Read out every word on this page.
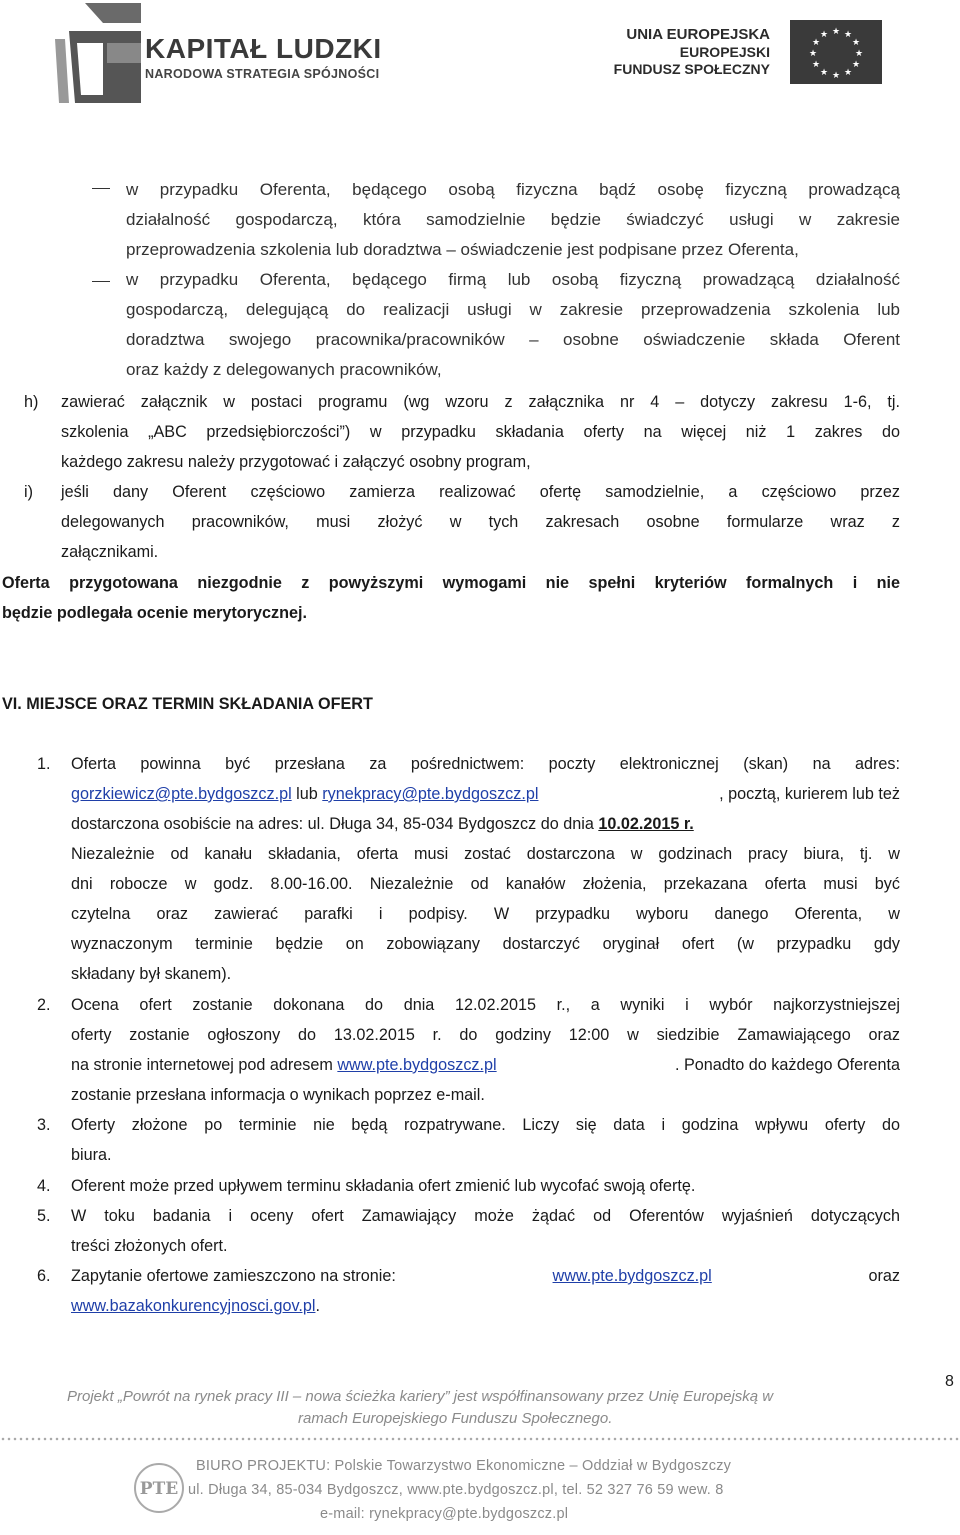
KAPITAŁ LUDZKI
NARODOWA STRATEGIA SPÓJNOŚCI
UNIA EUROPEJSKA
EUROPEJSKI
FUNDUSZ SPOŁECZNY
★ ★
★
★
★
★
★
★
★
★
★
★
w przypadku Oferenta, będącego osobą fizyczna bądź osobę fizyczną prowadzącą
działalność gospodarczą, która samodzielnie będzie świadczyć usługi w zakresie
przeprowadzenia szkolenia lub doradztwa – oświadczenie jest podpisane przez Oferenta,
w przypadku Oferenta, będącego firmą lub osobą fizyczną prowadzącą działalność
gospodarczą, delegującą do realizacji usługi w zakresie przeprowadzenia szkolenia lub
doradztwa swojego pracownika/pracowników – osobne oświadczenie składa Oferent
oraz każdy z delegowanych pracowników,
h) zawierać załącznik w postaci programu (wg wzoru z załącznika nr 4 – dotyczy zakresu 1-6, tj.
szkolenia „ABC przedsiębiorczości”) w przypadku składania oferty na więcej niż 1 zakres do
każdego zakresu należy przygotować i załączyć osobny program,
i) jeśli dany Oferent częściowo zamierza realizować ofertę samodzielnie, a częściowo przez
delegowanych pracowników, musi złożyć w tych zakresach osobne formularze wraz z
załącznikami.
Oferta przygotowana niezgodnie z powyższymi wymogami nie spełni kryteriów formalnych i nie
będzie podlegała ocenie merytorycznej.
VI. MIEJSCE ORAZ TERMIN SKŁADANIA OFERT
1. Oferta powinna być przesłana za pośrednictwem: poczty elektronicznej (skan) na adres:
gorzkiewicz@pte.bydgoszcz.pl lub rynekpracy@pte.bydgoszcz.pl	, pocztą, kurierem lub też
dostarczona osobiście na adres: ul. Długa 34, 85-034 Bydgoszcz do dnia 10.02.2015 r.
Niezależnie od kanału składania, oferta musi zostać dostarczona w godzinach pracy biura, tj. w
dni robocze w godz. 8.00-16.00. Niezależnie od kanałów złożenia, przekazana oferta musi być
czytelna oraz zawierać parafki i podpisy. W przypadku wyboru danego Oferenta, w
wyznaczonym terminie będzie on zobowiązany dostarczyć oryginał ofert (w przypadku gdy
składany był skanem).
2. Ocena ofert zostanie dokonana do dnia 12.02.2015 r., a wyniki i wybór najkorzystniejszej
oferty zostanie ogłoszony do 13.02.2015 r. do godziny 12:00 w siedzibie Zamawiającego oraz
na stronie internetowej pod adresem www.pte.bydgoszcz.pl	. Ponadto do każdego Oferenta
zostanie przesłana informacja o wynikach poprzez e-mail.
3. Oferty złożone po terminie nie będą rozpatrywane. Liczy się data i godzina wpływu oferty do
biura.
4. Oferent może przed upływem terminu składania ofert zmienić lub wycofać swoją ofertę.
5. W toku badania i oceny ofert Zamawiający może żądać od Oferentów wyjaśnień dotyczących
treści złożonych ofert.
6. Zapytanie ofertowe zamieszczono na stronie:	www.pte.bydgoszcz.pl	oraz
www.bazakonkurencyjnosci.gov.pl.
8
Projekt „Powrót na rynek pracy III – nowa ścieżka kariery” jest współfinansowany przez Unię Europejską w
ramach Europejskiego Funduszu Społecznego.
PTE
BIURO PROJEKTU: Polskie Towarzystwo Ekonomiczne – Oddział w Bydgoszczy
ul. Długa 34, 85-034 Bydgoszcz, www.pte.bydgoszcz.pl, tel. 52 327 76 59 wew. 8
e-mail: rynekpracy@pte.bydgoszcz.pl
